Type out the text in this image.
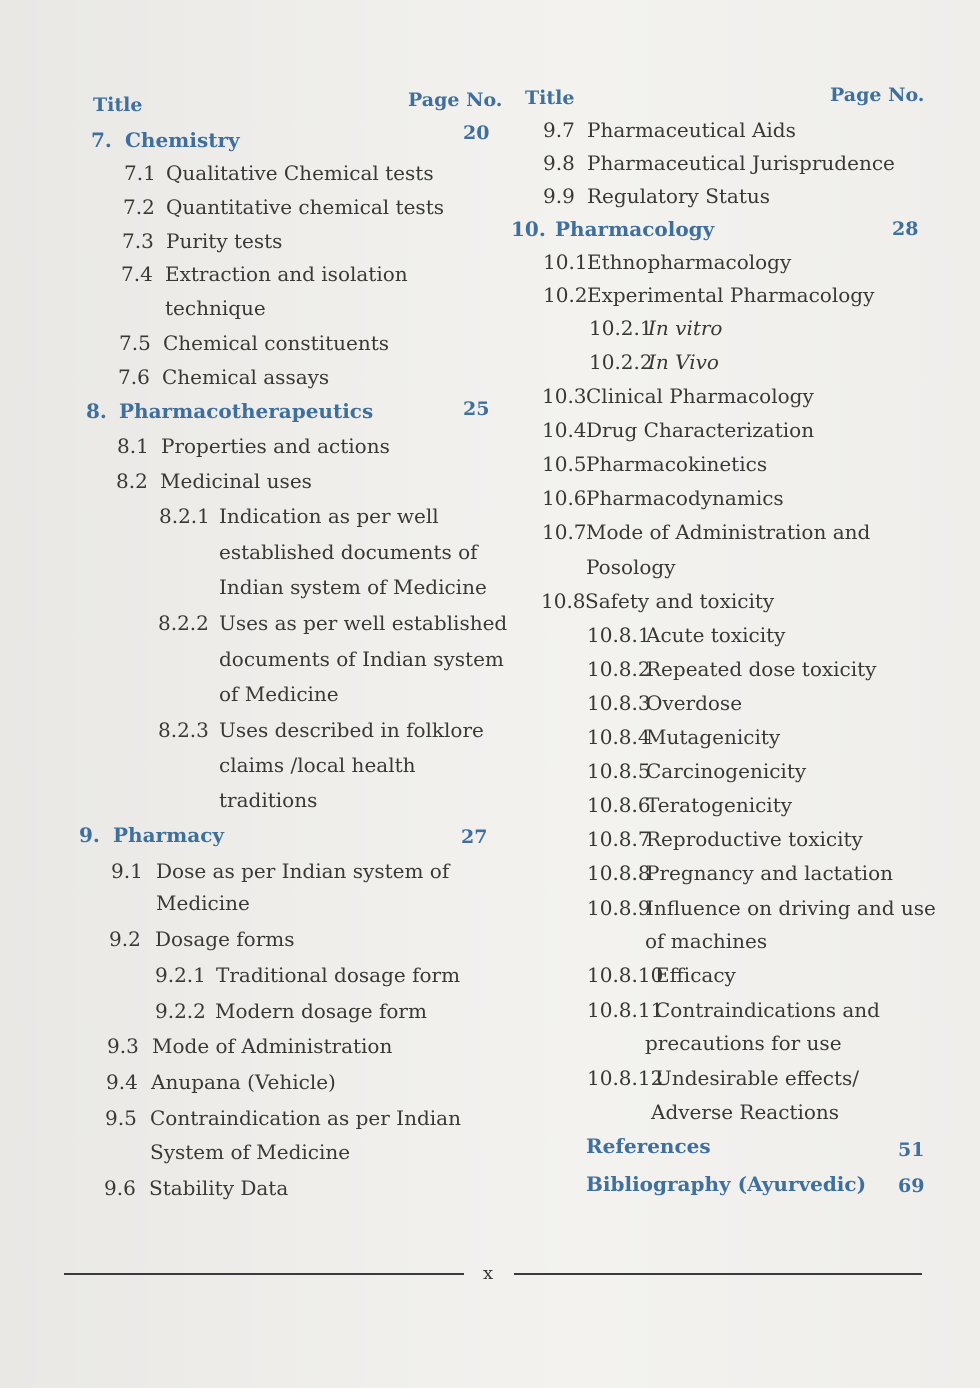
Title	Page No.
7. Chemistry	20
7.1 Qualitative Chemical tests
7.2 Quantitative chemical tests
7.3 Purity tests
7.4 Extraction and isolation
technique
7.5 Chemical constituents
7.6 Chemical assays
8. Pharmacotherapeutics	25
8.1 Properties and actions
8.2 Medicinal uses
8.2.1 Indication as per well
established documents of
Indian system of Medicine
8.2.2 Uses as per well established
documents of Indian system
of Medicine
8.2.3 Uses described in folklore
claims /local health
traditions
9. Pharmacy	27
9.1 Dose as per Indian system of
Medicine
9.2 Dosage forms
9.2.1 Traditional dosage form
9.2.2 Modern dosage form
9.3 Mode of Administration
9.4 Anupana (Vehicle)
9.5 Contraindication as per Indian
System of Medicine
9.6 Stability Data
Title	Page No.
9.7 Pharmaceutical Aids
9.8 Pharmaceutical Jurisprudence
9.9 Regulatory Status
10. Pharmacology	28
10.1Ethnopharmacology
10.2Experimental Pharmacology
10.2.1In vitro
10.2.2In Vivo
10.3Clinical Pharmacology
10.4Drug Characterization
10.5Pharmacokinetics
10.6Pharmacodynamics
10.7Mode of Administration and
Posology
10.8Safety and toxicity
10.8.1Acute toxicity
10.8.2Repeated dose toxicity
10.8.3Overdose
10.8.4Mutagenicity
10.8.5Carcinogenicity
10.8.6Teratogenicity
10.8.7Reproductive toxicity
10.8.8Pregnancy and lactation
10.8.9Influence on driving and use
of machines
10.8.10Efficacy
10.8.11Contraindications and
precautions for use
10.8.12Undesirable effects/
Adverse Reactions
References	51
Bibliography (Ayurvedic) 69
x
